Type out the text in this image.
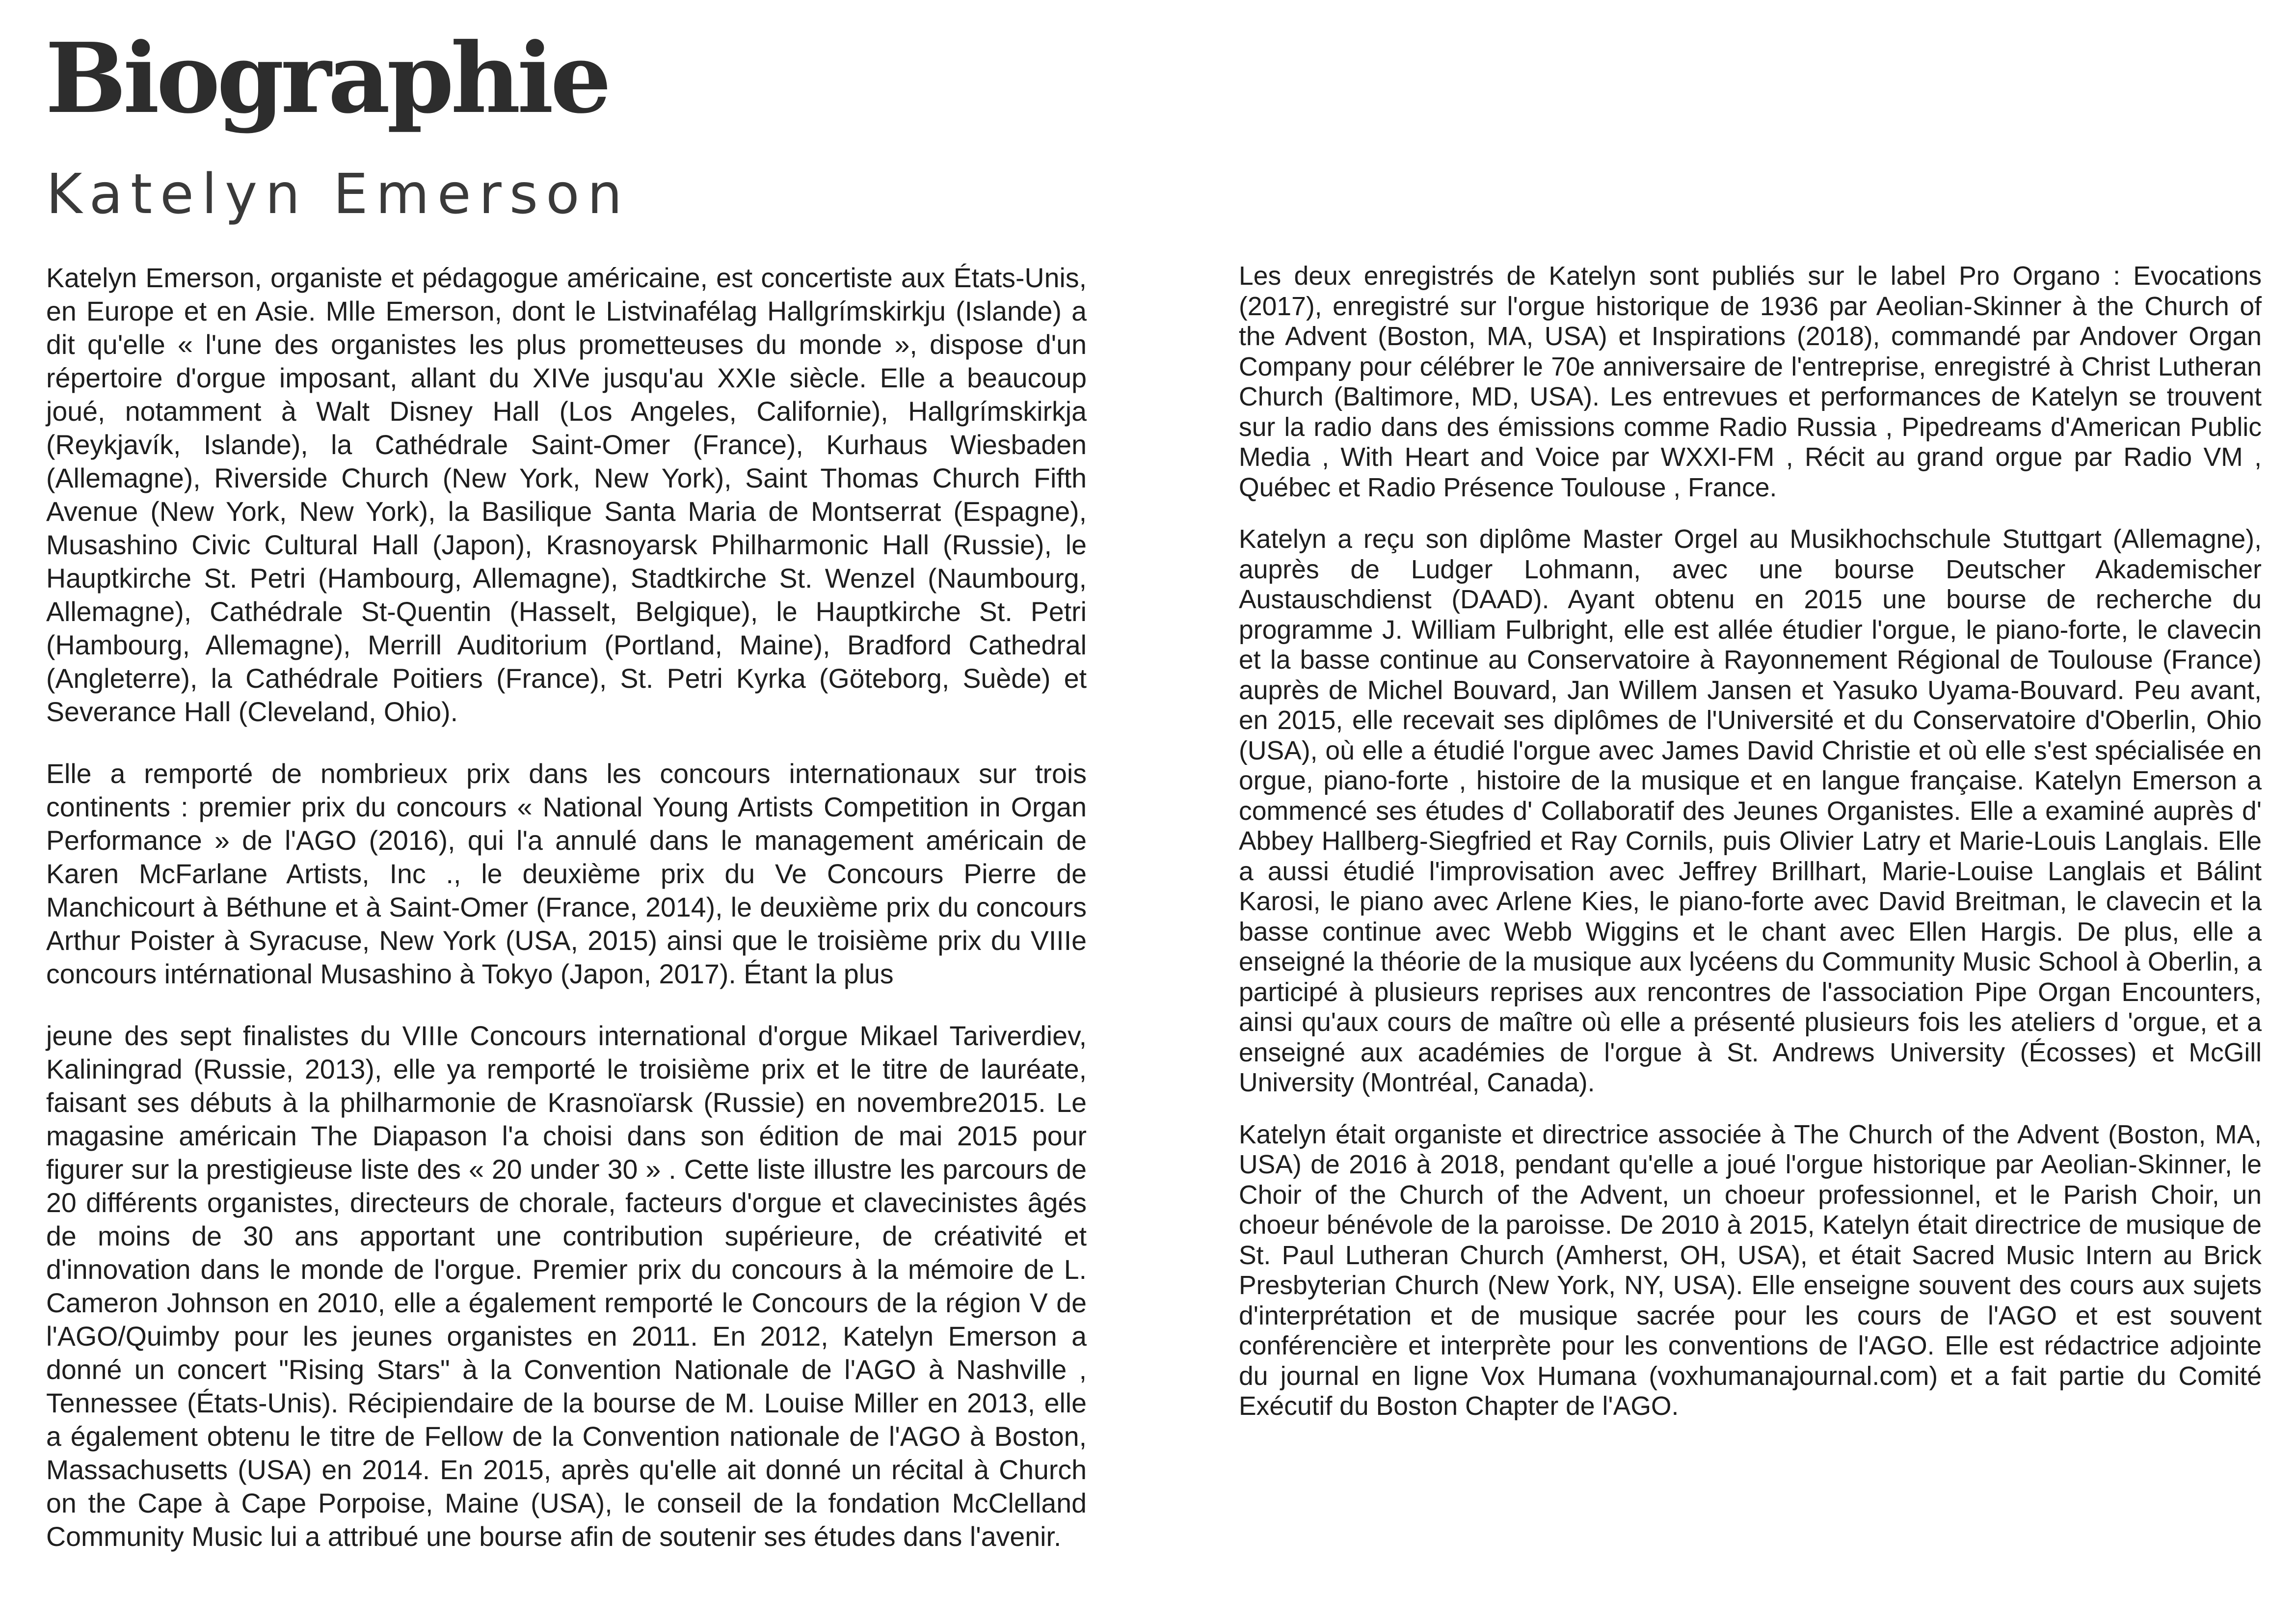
Biographie
Katelyn Emerson

Katelyn Emerson, organiste et pédagogue américaine, est concertiste aux États-Unis, en Europe et en Asie. Mlle Emerson, dont le Listvinafélag Hallgrímskirkju (Islande) a dit qu'elle « l'une des organistes les plus prometteuses du monde », dispose d'un répertoire d'orgue imposant, allant du XIVe jusqu'au XXIe siècle. Elle a beaucoup joué, notamment à Walt Disney Hall (Los Angeles, Californie), Hallgrímskirkja (Reykjavík, Islande), la Cathédrale Saint-Omer (France), Kurhaus Wiesbaden (Allemagne), Riverside Church (New York, New York), Saint Thomas Church Fifth Avenue (New York, New York), la Basilique Santa Maria de Montserrat (Espagne), Musashino Civic Cultural Hall (Japon), Krasnoyarsk Philharmonic Hall (Russie), le Hauptkirche St. Petri (Hambourg, Allemagne), Stadtkirche St. Wenzel (Naumbourg, Allemagne), Cathédrale St-Quentin (Hasselt, Belgique), le Hauptkirche St. Petri (Hambourg, Allemagne), Merrill Auditorium (Portland, Maine), Bradford Cathedral (Angleterre), la Cathédrale Poitiers (France), St. Petri Kyrka (Göteborg, Suède) et Severance Hall (Cleveland, Ohio).

Elle a remporté de nombrieux prix dans les concours internationaux sur trois continents : premier prix du concours « National Young Artists Competition in Organ Performance » de l'AGO (2016), qui l'a annulé dans le management américain de Karen McFarlane Artists, Inc ., le deuxième prix du Ve Concours Pierre de Manchicourt à Béthune et à Saint-Omer (France, 2014), le deuxième prix du concours Arthur Poister à Syracuse, New York (USA, 2015) ainsi que le troisième prix du VIIIe concours intérnational Musashino à Tokyo (Japon, 2017). Étant la plus

jeune des sept finalistes du VIIIe Concours international d'orgue Mikael Tariverdiev, Kaliningrad (Russie, 2013), elle ya remporté le troisième prix et le titre de lauréate, faisant ses débuts à la philharmonie de Krasnoïarsk (Russie) en novembre2015. Le magasine américain The Diapason l'a choisi dans son édition de mai 2015 pour figurer sur la prestigieuse liste des « 20 under 30 » . Cette liste illustre les parcours de 20 différents organistes, directeurs de chorale, facteurs d'orgue et clavecinistes âgés de moins de 30 ans apportant une contribution supérieure, de créativité et d'innovation dans le monde de l'orgue. Premier prix du concours à la mémoire de L. Cameron Johnson en 2010, elle a également remporté le Concours de la région V de l'AGO/Quimby pour les jeunes organistes en 2011. En 2012, Katelyn Emerson a donné un concert "Rising Stars" à la Convention Nationale de l'AGO à Nashville , Tennessee (États-Unis). Récipiendaire de la bourse de M. Louise Miller en 2013, elle a également obtenu le titre de Fellow de la Convention nationale de l'AGO à Boston, Massachusetts (USA) en 2014. En 2015, après qu'elle ait donné un récital à Church on the Cape à Cape Porpoise, Maine (USA), le conseil de la fondation McClelland Community Music lui a attribué une bourse afin de soutenir ses études dans l'avenir.

Les deux enregistrés de Katelyn sont publiés sur le label Pro Organo : Evocations (2017), enregistré sur l'orgue historique de 1936 par Aeolian-Skinner à the Church of the Advent (Boston, MA, USA) et Inspirations (2018), commandé par Andover Organ Company pour célébrer le 70e anniversaire de l'entreprise, enregistré à Christ Lutheran Church (Baltimore, MD, USA). Les entrevues et performances de Katelyn se trouvent sur la radio dans des émissions comme Radio Russia , Pipedreams d'American Public Media , With Heart and Voice par WXXI-FM , Récit au grand orgue par Radio VM , Québec et Radio Présence Toulouse , France.

Katelyn a reçu son diplôme Master Orgel au Musikhochschule Stuttgart (Allemagne), auprès de Ludger Lohmann, avec une bourse Deutscher Akademischer Austauschdienst (DAAD). Ayant obtenu en 2015 une bourse de recherche du programme J. William Fulbright, elle est allée étudier l'orgue, le piano-forte, le clavecin et la basse continue au Conservatoire à Rayonnement Régional de Toulouse (France) auprès de Michel Bouvard, Jan Willem Jansen et Yasuko Uyama-Bouvard. Peu avant, en 2015, elle recevait ses diplômes de l'Université et du Conservatoire d'Oberlin, Ohio (USA), où elle a étudié l'orgue avec James David Christie et où elle s'est spécialisée en orgue, piano-forte , histoire de la musique et en langue française. Katelyn Emerson a commencé ses études d' Collaboratif des Jeunes Organistes. Elle a examiné auprès d' Abbey Hallberg-Siegfried et Ray Cornils, puis Olivier Latry et Marie-Louis Langlais. Elle a aussi étudié l'improvisation avec Jeffrey Brillhart, Marie-Louise Langlais et Bálint Karosi, le piano avec Arlene Kies, le piano-forte avec David Breitman, le clavecin et la basse continue avec Webb Wiggins et le chant avec Ellen Hargis. De plus, elle a enseigné la théorie de la musique aux lycéens du Community Music School à Oberlin, a participé à plusieurs reprises aux rencontres de l'association Pipe Organ Encounters, ainsi qu'aux cours de maître où elle a présenté plusieurs fois les ateliers d 'orgue, et a enseigné aux académies de l'orgue à St. Andrews University (Écosses) et McGill University (Montréal, Canada).

Katelyn était organiste et directrice associée à The Church of the Advent (Boston, MA, USA) de 2016 à 2018, pendant qu'elle a joué l'orgue historique par Aeolian-Skinner, le Choir of the Church of the Advent, un choeur professionnel, et le Parish Choir, un choeur bénévole de la paroisse. De 2010 à 2015, Katelyn était directrice de musique de St. Paul Lutheran Church (Amherst, OH, USA), et était Sacred Music Intern au Brick Presbyterian Church (New York, NY, USA). Elle enseigne souvent des cours aux sujets d'interprétation et de musique sacrée pour les cours de l'AGO et est souvent conférencière et interprète pour les conventions de l'AGO. Elle est rédactrice adjointe du journal en ligne Vox Humana (voxhumanajournal.com) et a fait partie du Comité Exécutif du Boston Chapter de l'AGO.
